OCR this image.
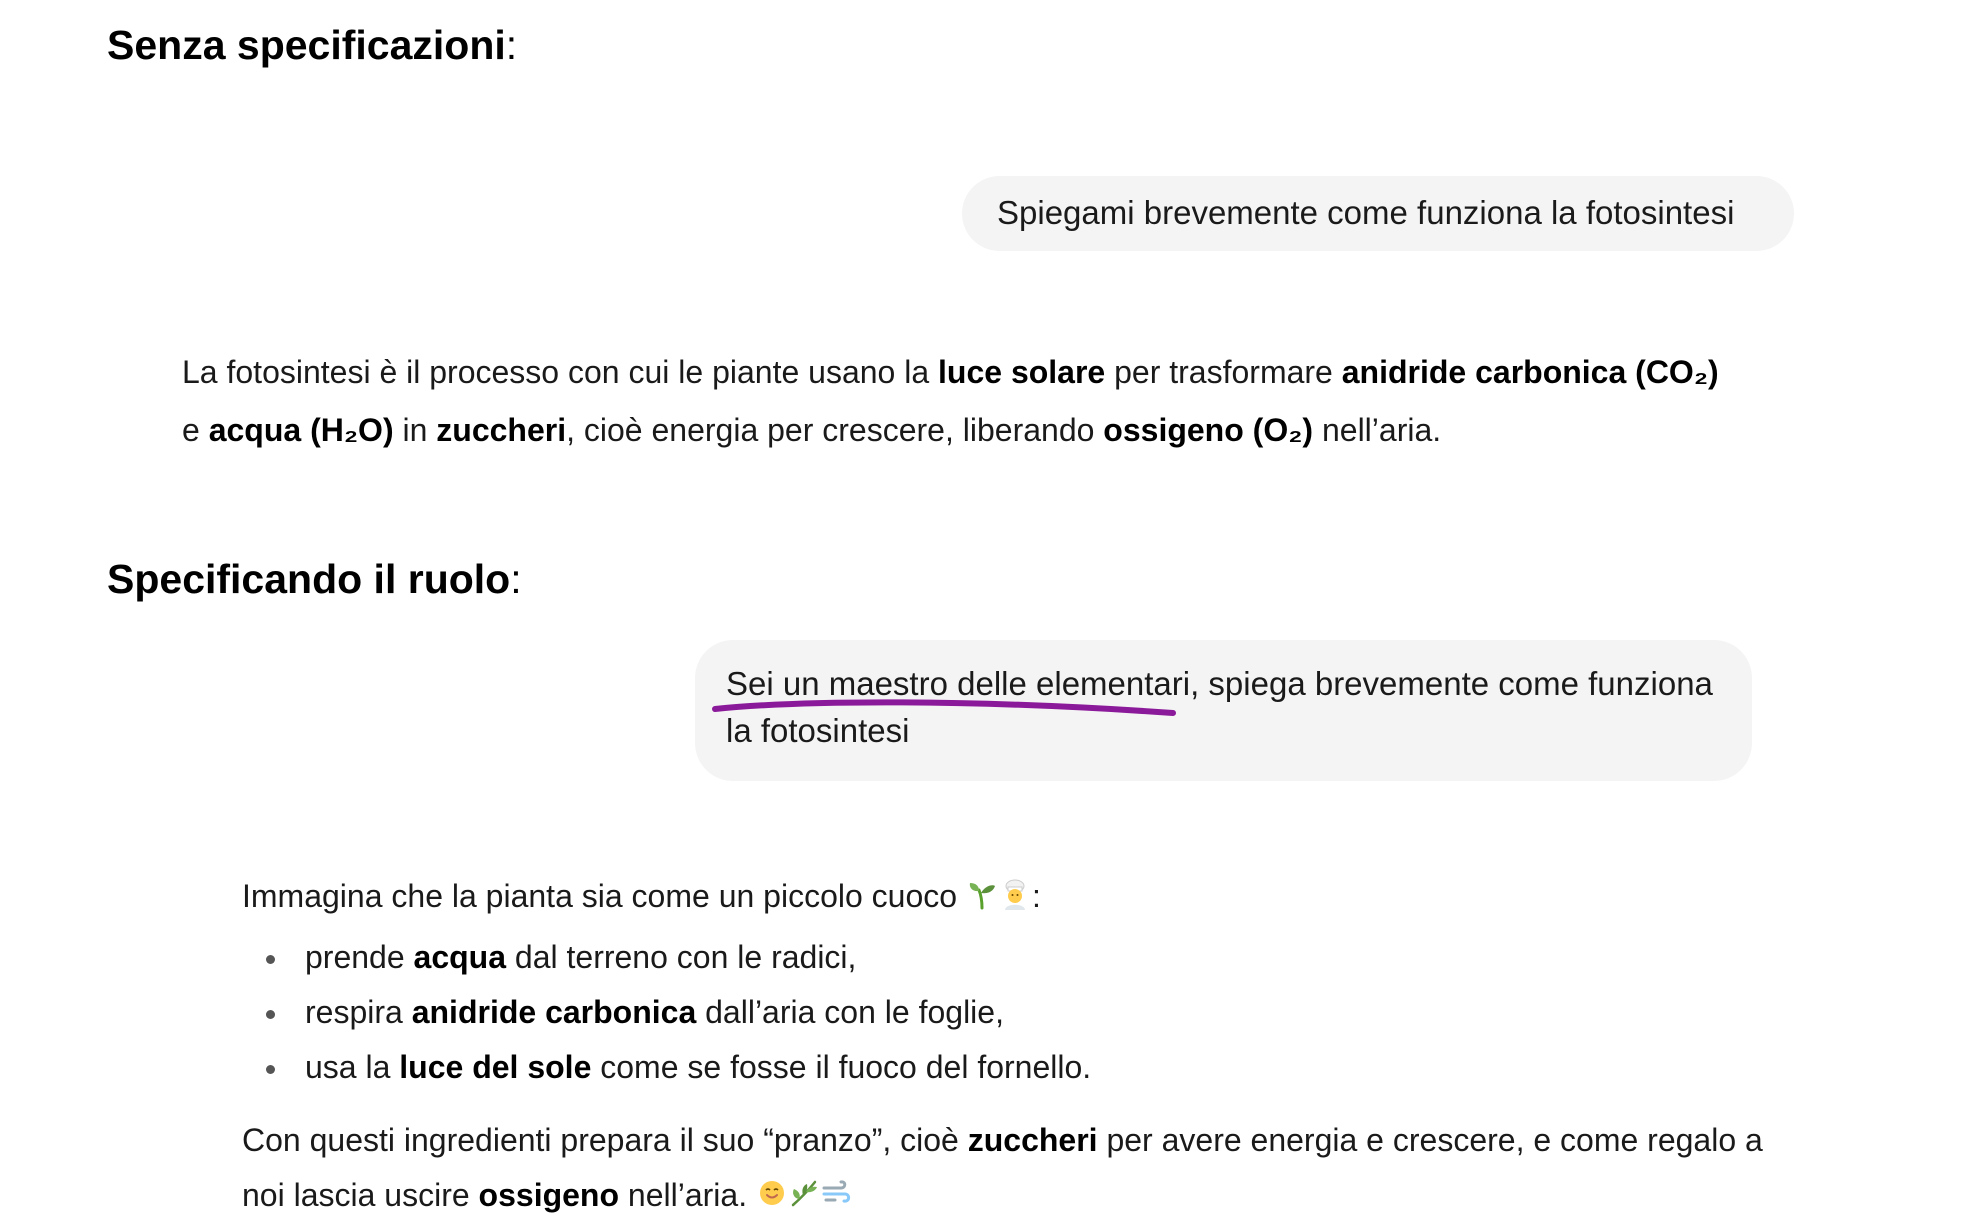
Senza specificazioni:
Spiegami brevemente come funziona la fotosintesi
La fotosintesi è il processo con cui le piante usano la luce solare per trasformare anidride carbonica (CO₂) e acqua (H₂O) in zuccheri, cioè energia per crescere, liberando ossigeno (O₂) nell’aria.
Specificando il ruolo:
Sei un maestro delle elementari, spiega brevemente come funziona la fotosintesi
Immagina che la pianta sia come un piccolo cuoco :
prende acqua dal terreno con le radici,
respira anidride carbonica dall’aria con le foglie,
usa la luce del sole come se fosse il fuoco del fornello.
Con questi ingredienti prepara il suo “pranzo”, cioè zuccheri per avere energia e crescere, e come regalo a noi lascia uscire ossigeno nell’aria.
